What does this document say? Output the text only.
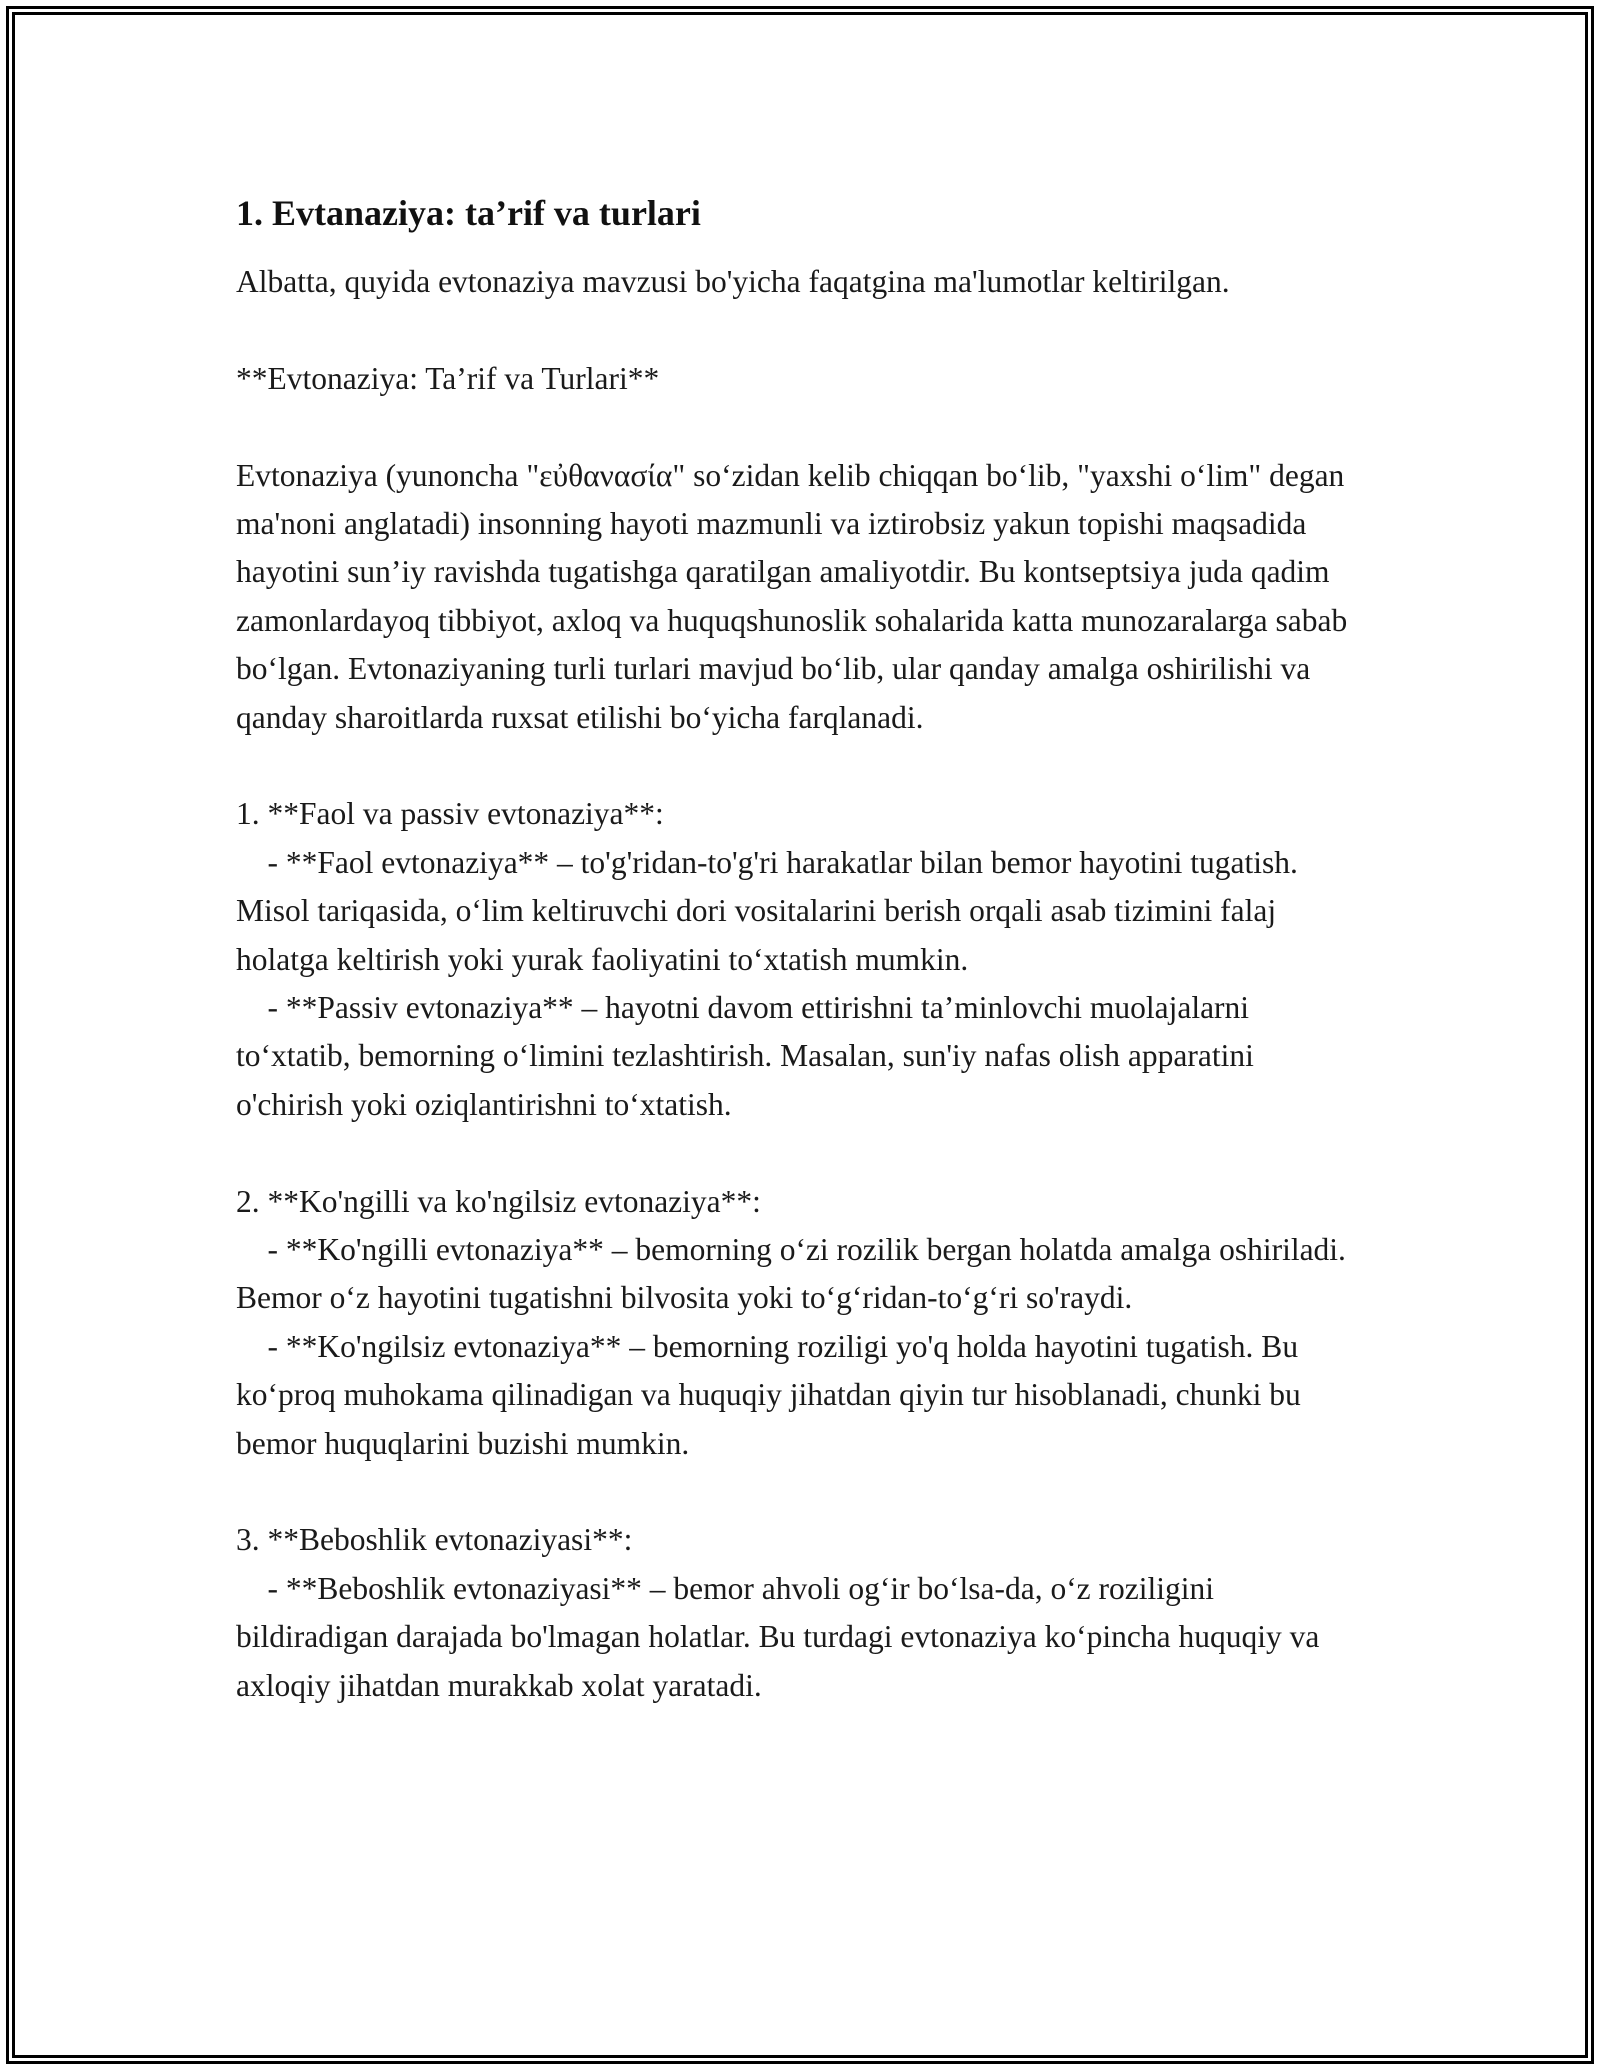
1. Evtanaziya: ta’rif va turlari

Albatta, quyida evtonaziya mavzusi bo'yicha faqatgina ma'lumotlar keltirilgan.

**Evtonaziya: Ta’rif va Turlari**

Evtonaziya (yunoncha "εὐθανασία" soʻzidan kelib chiqqan boʻlib, "yaxshi oʻlim" degan ma'noni anglatadi) insonning hayoti mazmunli va iztirobsiz yakun topishi maqsadida hayotini sun’iy ravishda tugatishga qaratilgan amaliyotdir. Bu kontseptsiya juda qadim zamonlardayoq tibbiyot, axloq va huquqshunoslik sohalarida katta munozaralarga sabab boʻlgan. Evtonaziyaning turli turlari mavjud boʻlib, ular qanday amalga oshirilishi va qanday sharoitlarda ruxsat etilishi boʻyicha farqlanadi.

1. **Faol va passiv evtonaziya**:

- **Faol evtonaziya** – to'g'ridan-to'g'ri harakatlar bilan bemor hayotini tugatish. Misol tariqasida, oʻlim keltiruvchi dori vositalarini berish orqali asab tizimini falaj holatga keltirish yoki yurak faoliyatini toʻxtatish mumkin.

- **Passiv evtonaziya** – hayotni davom ettirishni ta’minlovchi muolajalarni toʻxtatib, bemorning oʻlimini tezlashtirish. Masalan, sun'iy nafas olish apparatini o'chirish yoki oziqlantirishni toʻxtatish.

2. **Ko'ngilli va ko'ngilsiz evtonaziya**:

- **Ko'ngilli evtonaziya** – bemorning oʻzi rozilik bergan holatda amalga oshiriladi. Bemor oʻz hayotini tugatishni bilvosita yoki toʻgʻridan-toʻgʻri so'raydi.

- **Ko'ngilsiz evtonaziya** – bemorning roziligi yo'q holda hayotini tugatish. Bu koʻproq muhokama qilinadigan va huquqiy jihatdan qiyin tur hisoblanadi, chunki bu bemor huquqlarini buzishi mumkin.

3. **Beboshlik evtonaziyasi**:

- **Beboshlik evtonaziyasi** – bemor ahvoli ogʻir boʻlsa-da, oʻz roziligini bildiradigan darajada bo'lmagan holatlar. Bu turdagi evtonaziya koʻpincha huquqiy va axloqiy jihatdan murakkab xolat yaratadi.
